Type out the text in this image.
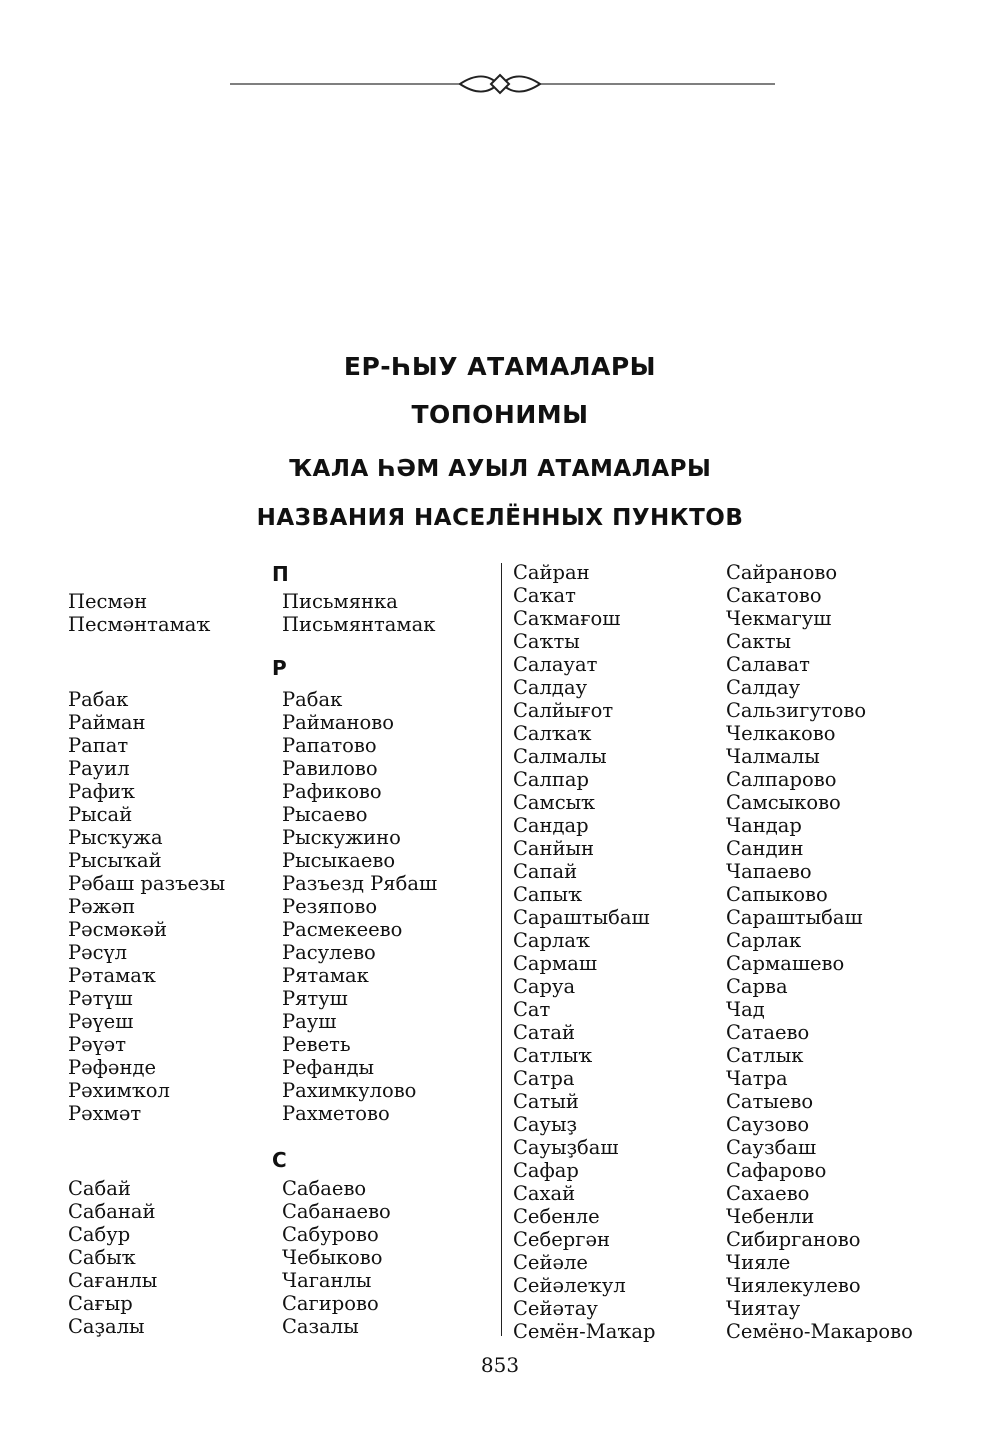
ЕР-ҺЫУ АТАМАЛАРЫ
ТОПОНИМЫ
ҠАЛА ҺӘМ АУЫЛ АТАМАЛАРЫ
НАЗВАНИЯ НАСЕЛЁННЫХ ПУНКТОВ
П
Р
С
Песмән
Песмәнтамаҡ
Письмянка
Письмянтамак
Рабак
Райман
Рапат
Рауил
Рафиҡ
Рысай
Рысҡужа
Рысыҡай
Рәбаш разъезы
Рәжәп
Рәсмәкәй
Рәсүл
Рәтамаҡ
Рәтүш
Рәүеш
Рәүәт
Рәфәнде
Рәхимҡол
Рәхмәт
Рабак
Райманово
Рапатово
Равилово
Рафиково
Рысаево
Рыскужино
Рысыкаево
Разъезд Рябаш
Резяпово
Расмекеево
Расулево
Рятамак
Рятуш
Рауш
Реветь
Рефанды
Рахимкулово
Рахметово
Сабай
Сабанай
Сабур
Сабыҡ
Сағанлы
Сағыр
Саҙалы
Сабаево
Сабанаево
Сабурово
Чебыково
Чаганлы
Сагирово
Сазалы
Сайран
Саҡат
Саҡмағош
Саҡты
Салауат
Салдау
Салйығот
Салҡаҡ
Салмалы
Салпар
Самсыҡ
Сандар
Санйын
Сапай
Сапыҡ
Сараштыбаш
Сарлаҡ
Сармаш
Саруа
Сат
Сатай
Сатлыҡ
Сатра
Сатый
Сауыҙ
Сауыҙбаш
Сафар
Сахай
Себенле
Себергән
Сейәле
Сейәлеҡул
Сейәтау
Семён-Маҡар
Сайраново
Сакатово
Чекмагуш
Сакты
Салават
Салдау
Сальзигутово
Челкаково
Чалмалы
Салпарово
Самсыково
Чандар
Сандин
Чапаево
Сапыково
Сараштыбаш
Сарлак
Сармашево
Сарва
Чад
Сатаево
Сатлык
Чатра
Сатыево
Саузово
Саузбаш
Сафарово
Сахаево
Чебенли
Сибирганово
Чияле
Чиялекулево
Чиятау
Семёно-Макарово
853
